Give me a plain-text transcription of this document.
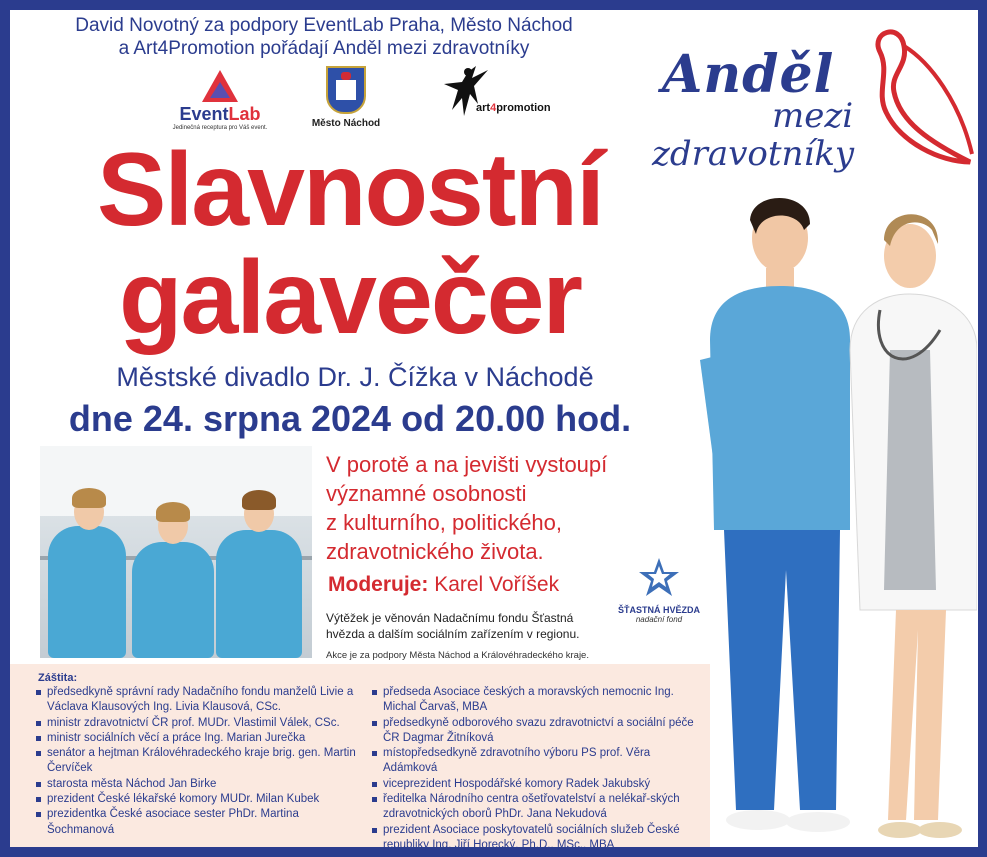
David Novotný za podpory EventLab Praha, Město Náchod
a Art4Promotion pořádají Anděl mezi zdravotníky
EventLab
Jedinečná receptura pro Váš event.	Město Náchod
art4promotion
Anděl
mezi
zdravotníky
Slavnostní
galavečer
Městské divadlo Dr. J. Čížka v Náchodě
dne 24. srpna 2024 od 20.00 hod.
V porotě a na jevišti vystoupí
významné osobnosti
z kulturního, politického,
zdravotnického života.
Moderuje: Karel Voříšek
Výtěžek je věnován Nadačnímu fondu Šťastná
hvězda a dalším sociálním zařízením v regionu.
Akce je za podpory Města Náchod a Královéhradeckého kraje.
ŠŤASTNÁ HVĚZDA
nadační fond
Záštita:
předsedkyně správní rady Nadačního fondu manželů Livie a Václava Klausových Ing. Livia Klausová, CSc.
ministr zdravotnictví ČR prof. MUDr. Vlastimil Válek, CSc.
ministr sociálních věcí a práce Ing. Marian Jurečka
senátor a hejtman Královéhradeckého kraje brig. gen. Martin Červíček
starosta města Náchod Jan Birke
prezident České lékařské komory MUDr. Milan Kubek
prezidentka České asociace sester PhDr. Martina Šochmanová
předseda Asociace českých a moravských nemocnic Ing. Michal Čarvaš, MBA
předsedkyně odborového svazu zdravotnictví a sociální péče ČR Dagmar Žitníková
místopředsedkyně zdravotního výboru PS prof. Věra Adámková
viceprezident Hospodářské komory Radek Jakubský
ředitelka Národního centra ošetřovatelství a nelékař-ských zdravotnických oborů PhDr. Jana Nekudová
prezident Asociace poskytovatelů sociálních služeb České republiky Ing. Jiří Horecký, Ph.D., MSc., MBA
